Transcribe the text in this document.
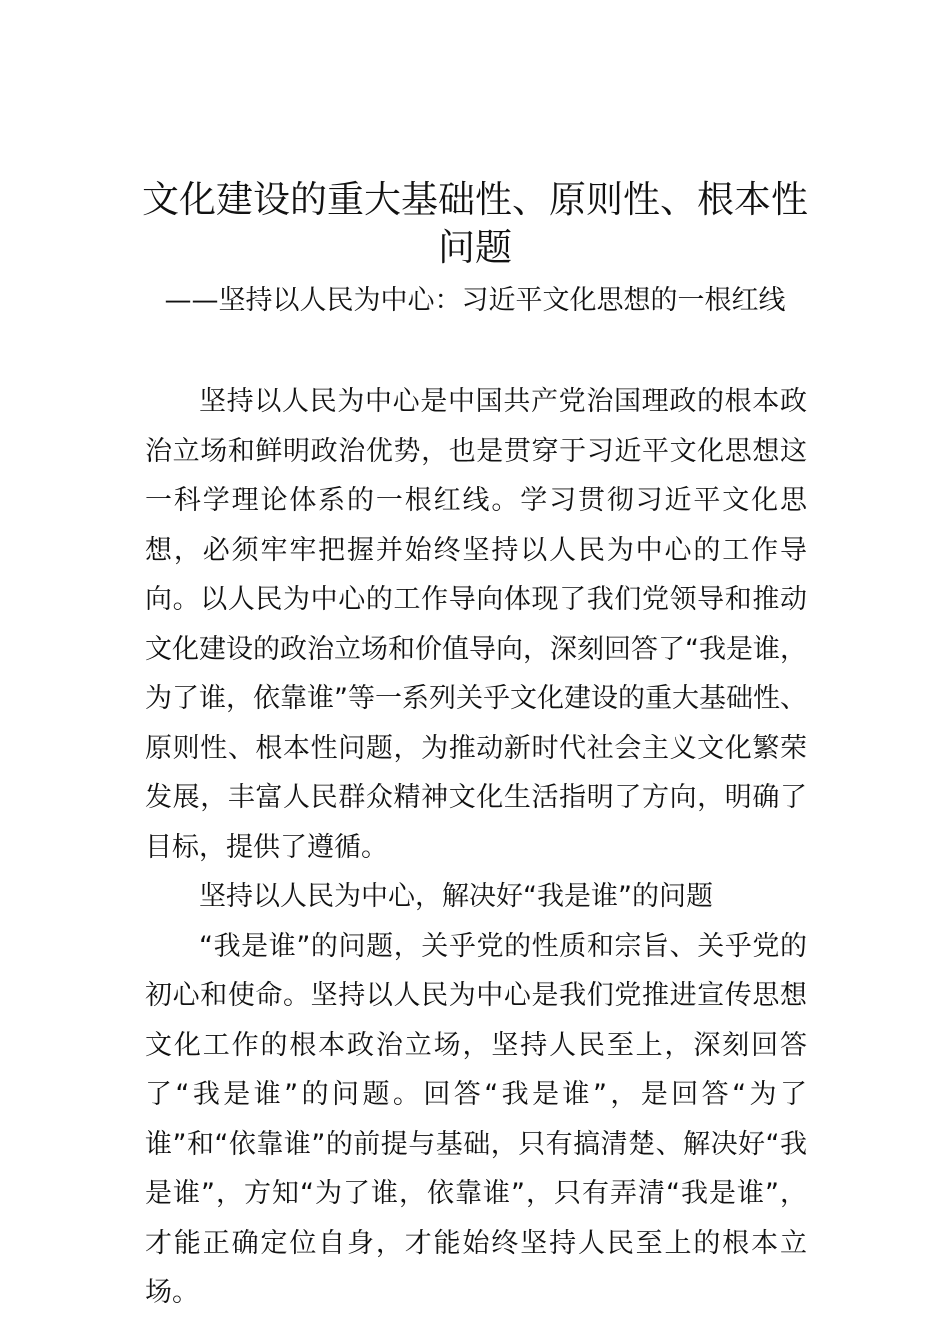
文化建设的重大基础性、原则性、根本性
问题
——坚持以人民为中心：习近平文化思想的一根红线

坚持以人民为中心是中国共产党治国理政的根本政治立场和鲜明政治优势，也是贯穿于习近平文化思想这一科学理论体系的一根红线。学习贯彻习近平文化思想，必须牢牢把握并始终坚持以人民为中心的工作导向。以人民为中心的工作导向体现了我们党领导和推动文化建设的政治立场和价值导向，深刻回答了“我是谁，为了谁，依靠谁”等一系列关乎文化建设的重大基础性、原则性、根本性问题，为推动新时代社会主义文化繁荣发展，丰富人民群众精神文化生活指明了方向，明确了目标，提供了遵循。

坚持以人民为中心，解决好“我是谁”的问题

“我是谁”的问题，关乎党的性质和宗旨、关乎党的初心和使命。坚持以人民为中心是我们党推进宣传思想文化工作的根本政治立场，坚持人民至上，深刻回答了“我是谁”的问题。回答“我是谁”，是回答“为了谁”和“依靠谁”的前提与基础，只有搞清楚、解决好“我是谁”，方知“为了谁，依靠谁”，只有弄清“我是谁”，才能正确定位自身，才能始终坚持人民至上的根本立场。
